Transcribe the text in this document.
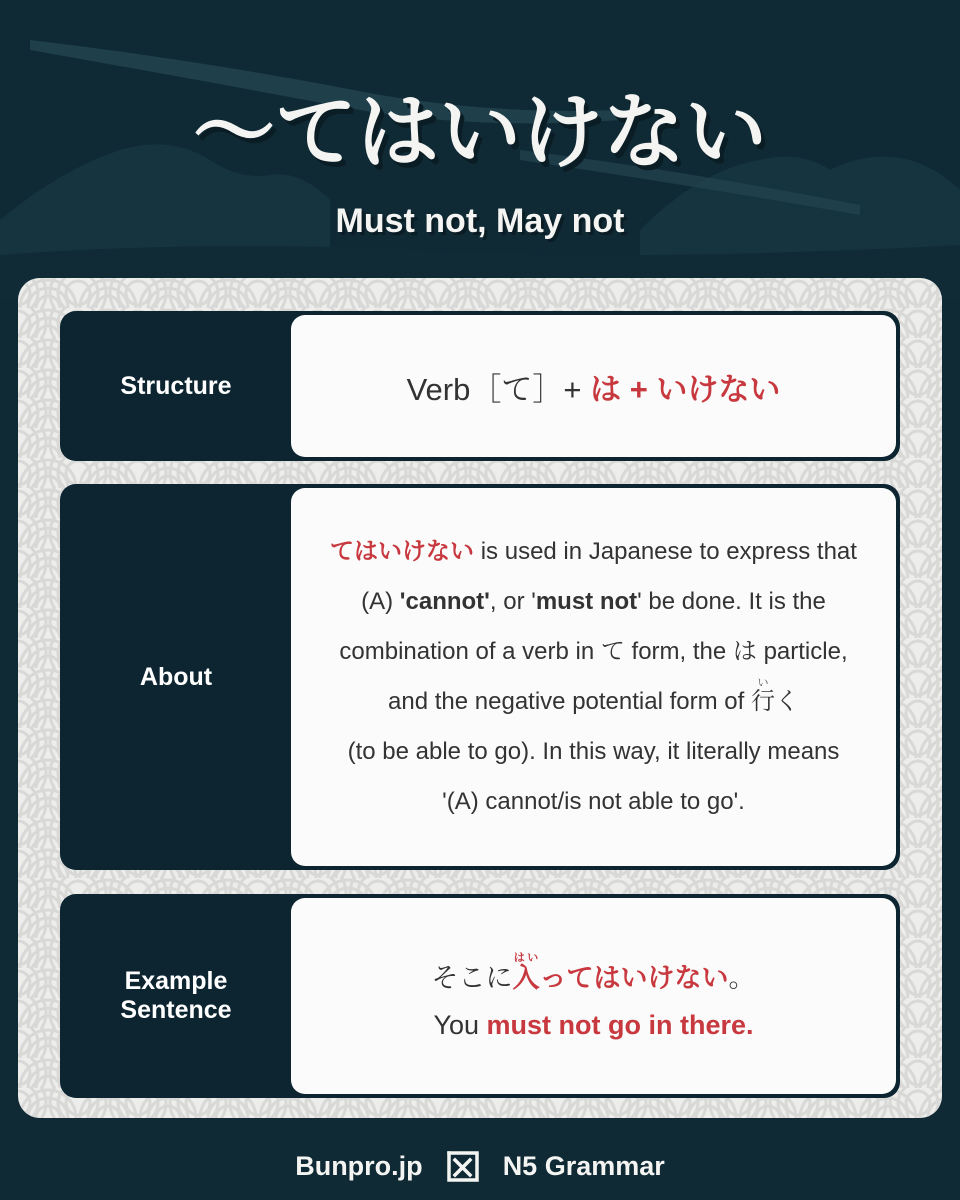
〜てはいけない
Must not, May not
Structure	Verb［て］+ は + いけない
About
てはいけない is used in Japanese to express that
(A) 'cannot', or 'must not' be done. It is the
combination of a verb in て form, the は particle,
and the negative potential form of 行いく
(to be able to go). In this way, it literally means
'(A) cannot/is not able to go'.
Example Sentence
そこに入はいってはいけない。
You must not go in there.
Bunpro.jp	N5 Grammar
